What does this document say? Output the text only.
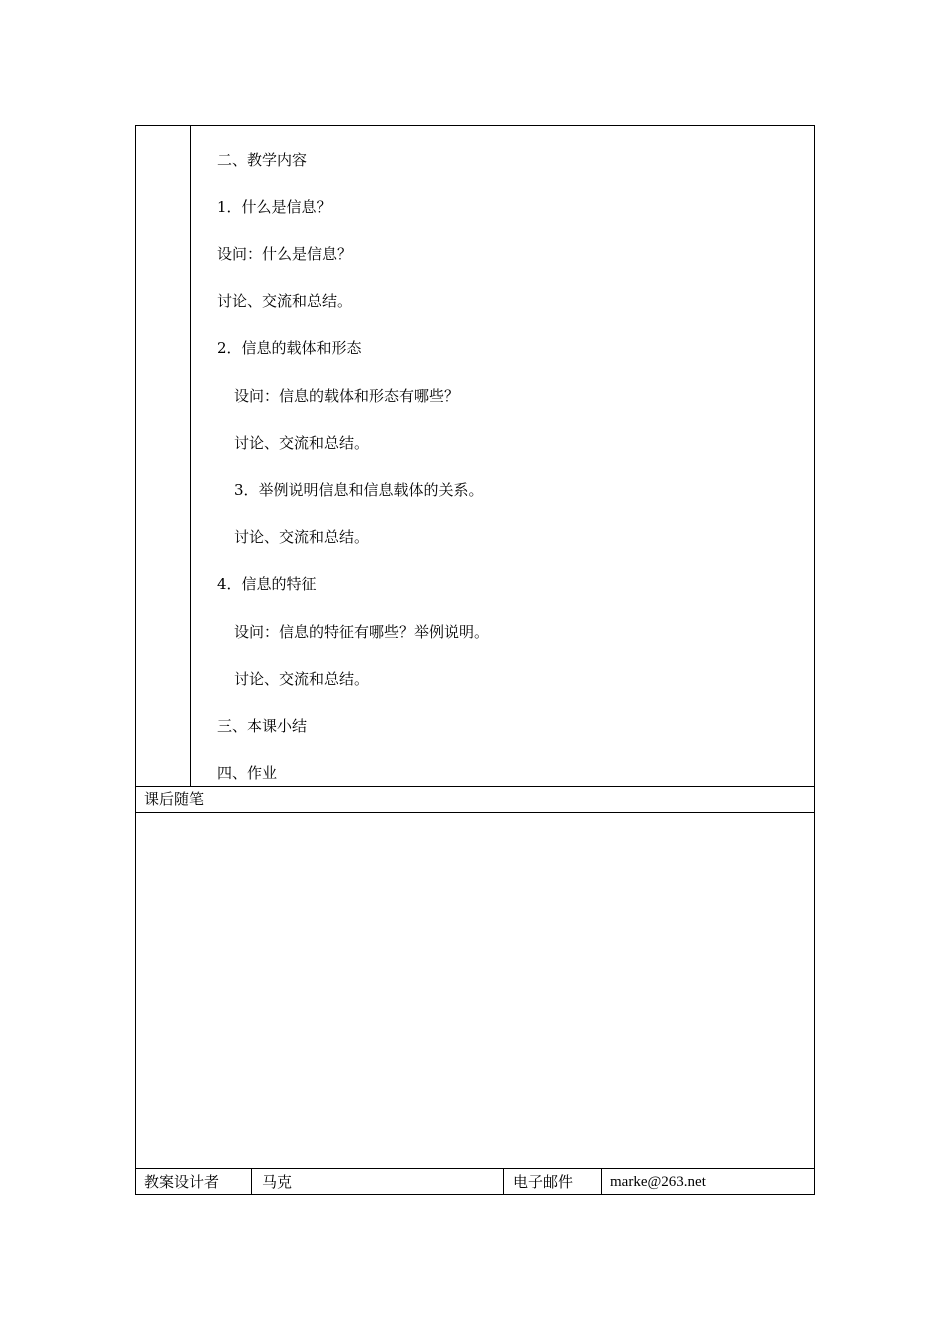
二、教学内容
1．什么是信息？
设问：什么是信息？
讨论、交流和总结。
2．信息的载体和形态
设问：信息的载体和形态有哪些？
讨论、交流和总结。
3．举例说明信息和信息载体的关系。
讨论、交流和总结。
4．信息的特征
设问：信息的特征有哪些？举例说明。
讨论、交流和总结。
三、本课小结
四、作业
课后随笔
教案设计者	马克	电子邮件 marke@263.net
